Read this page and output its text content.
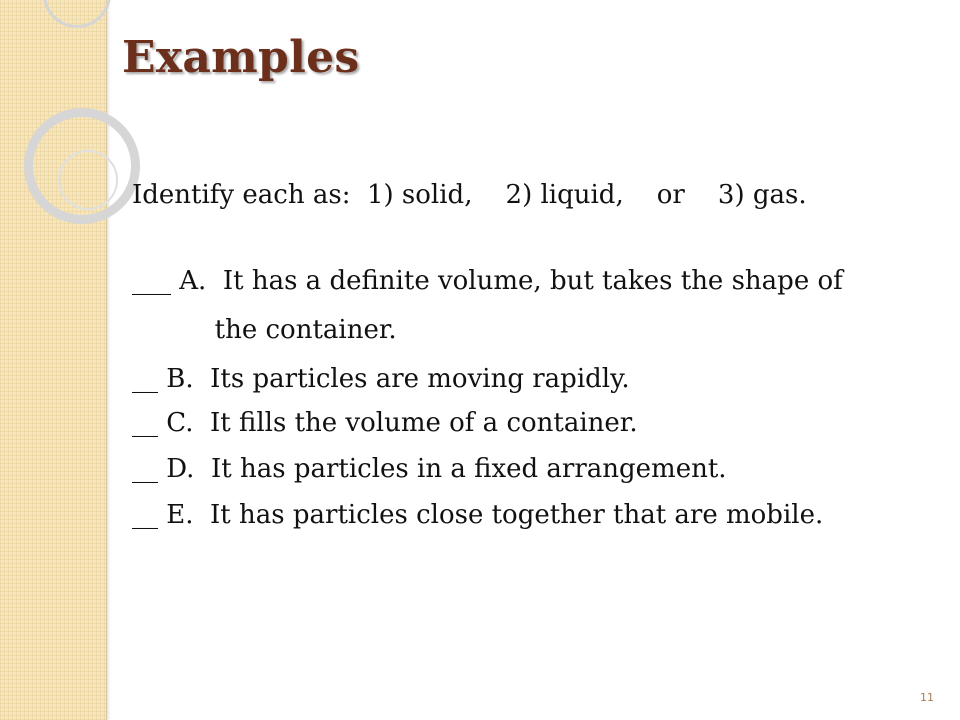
Examples

Identify each as:  1) solid,    2) liquid,    or    3) gas.

___ A.  It has a definite volume, but takes the shape of

the container.

__ B.  Its particles are moving rapidly.

__ C.  It fills the volume of a container.

__ D.  It has particles in a fixed arrangement.

__ E.  It has particles close together that are mobile.

11
